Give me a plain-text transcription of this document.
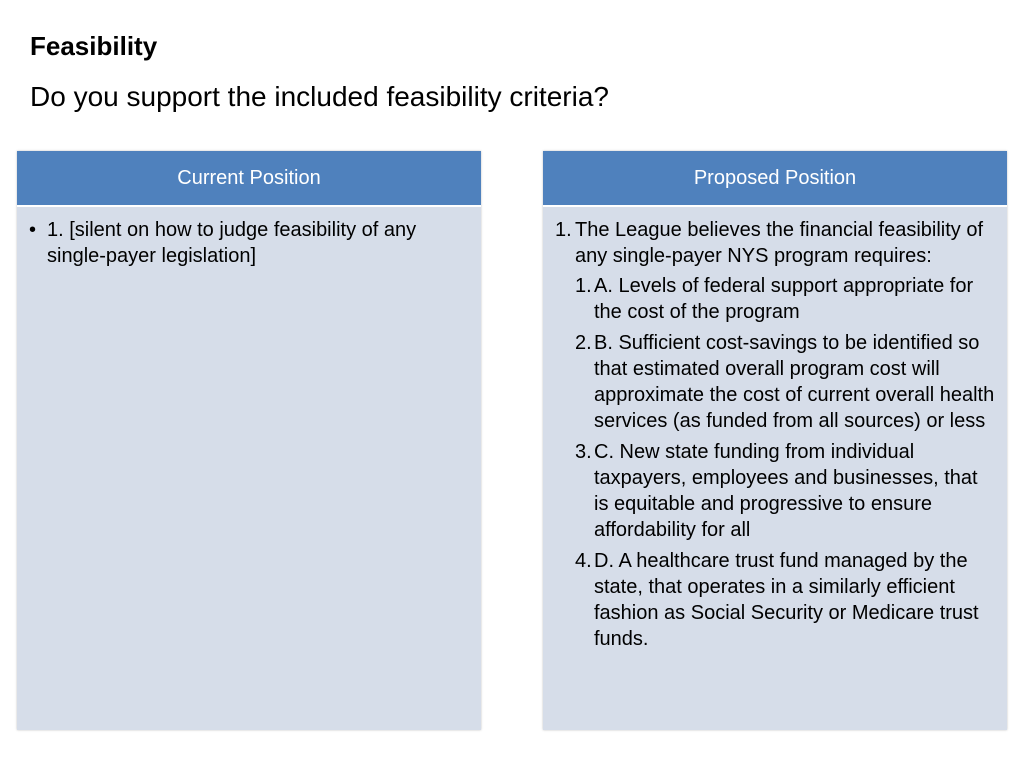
Feasibility
Do you support the included feasibility criteria?
Current Position
• 1. [silent on how to judge feasibility of any single-payer legislation]
Proposed Position
1. The League believes the financial feasibility of any single-payer NYS program requires:
1. A. Levels of federal support appropriate for the cost of the program
2. B. Sufficient cost-savings to be identified so that estimated overall program cost will approximate the cost of current overall health services (as funded from all sources) or less
3. C. New state funding from individual taxpayers, employees and businesses, that is equitable and progressive to ensure affordability for all
4. D. A healthcare trust fund managed by the state, that operates in a similarly efficient fashion as Social Security or Medicare trust funds.
